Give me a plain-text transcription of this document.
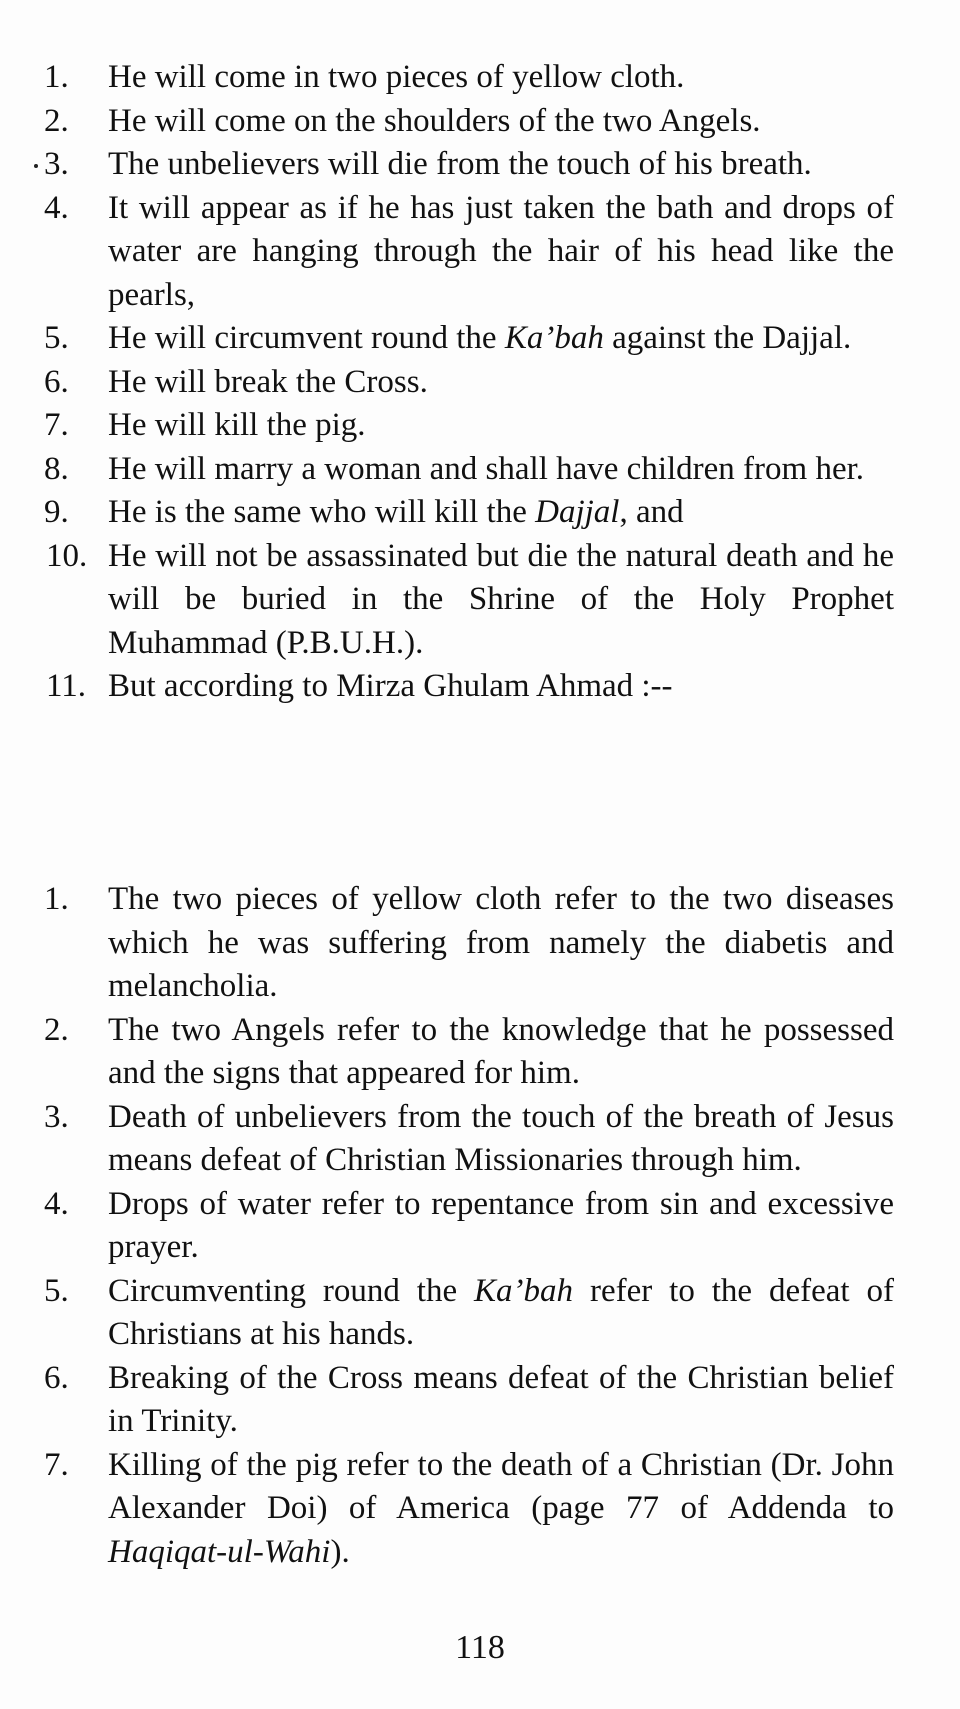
1.	He will come in two pieces of yellow cloth.
2.	He will come on the shoulders of the two Angels.
3.	The unbelievers will die from the touch of his breath.
4.	It will appear as if he has just taken the bath and drops of water are hanging through the hair of his head like the pearls,
5.	He will circumvent round the Ka’bah against the Dajjal.
6.	He will break the Cross.
7.	He will kill the pig.
8.	He will marry a woman and shall have children from her.
9.	He is the same who will kill the Dajjal, and
10. He will not be assassinated but die the natural death and he will be buried in the Shrine of the Holy Prophet Muhammad (P.B.U.H.).
11. But according to Mirza Ghulam Ahmad :--
1.	The two pieces of yellow cloth refer to the two diseases which he was suffering from namely the diabetis and melancholia.
2.	The two Angels refer to the knowledge that he possessed and the signs that appeared for him.
3.	Death of unbelievers from the touch of the breath of Jesus means defeat of Christian Missionaries through him.
4.	Drops of water refer to repentance from sin and excessive prayer.
5.	Circumventing round the Ka’bah refer to the defeat of Christians at his hands.
6.	Breaking of the Cross means defeat of the Christian belief in Trinity.
7.	Killing of the pig refer to the death of a Christian (Dr. John Alexander Doi) of America (page 77 of Addenda to Haqiqat-ul-Wahi).
118
